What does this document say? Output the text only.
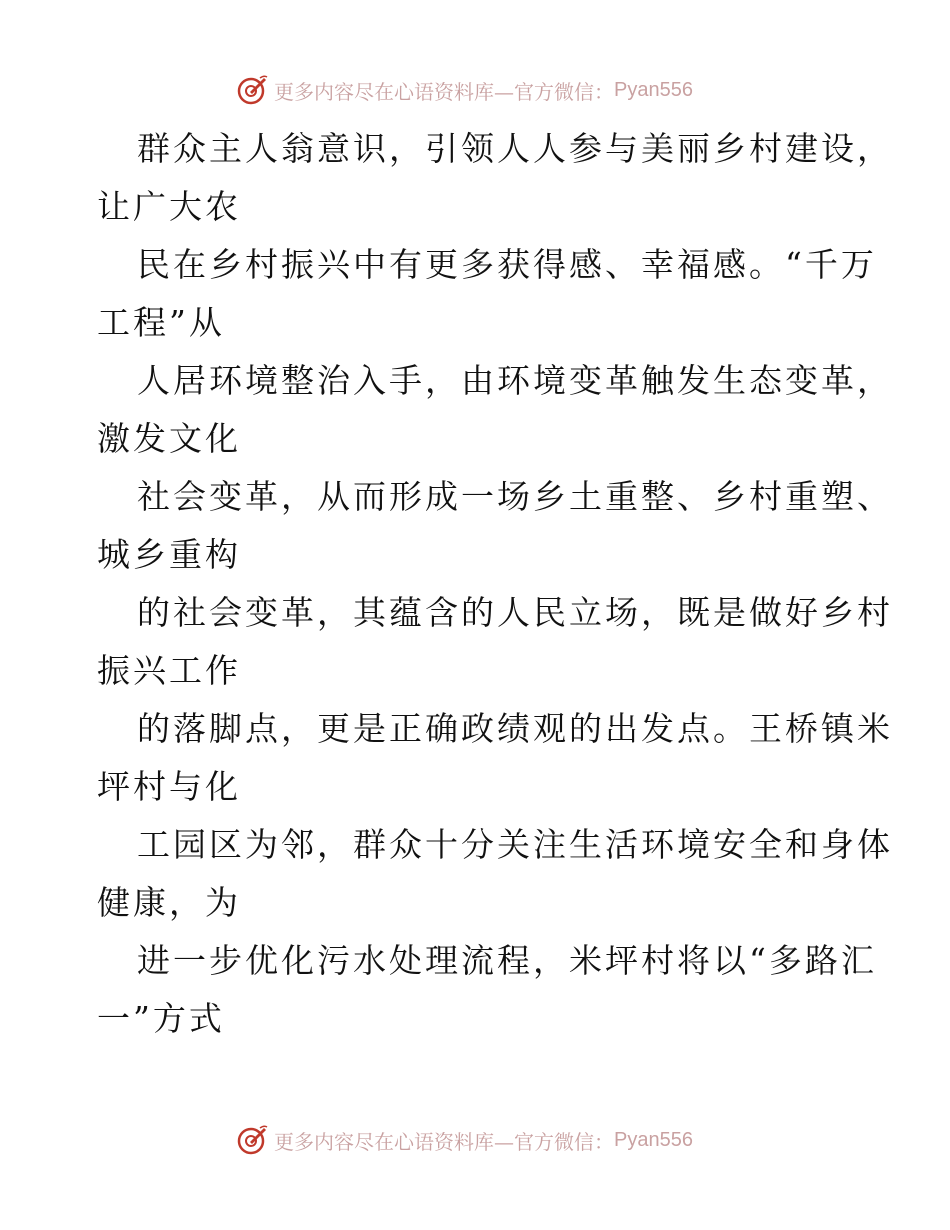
更多内容尽在心语资料库—官方微信： Pyan556
群众主人翁意识，引领人人参与美丽乡村建设，
让广大农
民在乡村振兴中有更多获得感、幸福感。“千万
工程”从
人居环境整治入手，由环境变革触发生态变革，
激发文化
社会变革，从而形成一场乡土重整、乡村重塑、
城乡重构
的社会变革，其蕴含的人民立场，既是做好乡村
振兴工作
的落脚点，更是正确政绩观的出发点。王桥镇米
坪村与化
工园区为邻，群众十分关注生活环境安全和身体
健康，为
进一步优化污水处理流程，米坪村将以“多路汇
一”方式
更多内容尽在心语资料库—官方微信： Pyan556
